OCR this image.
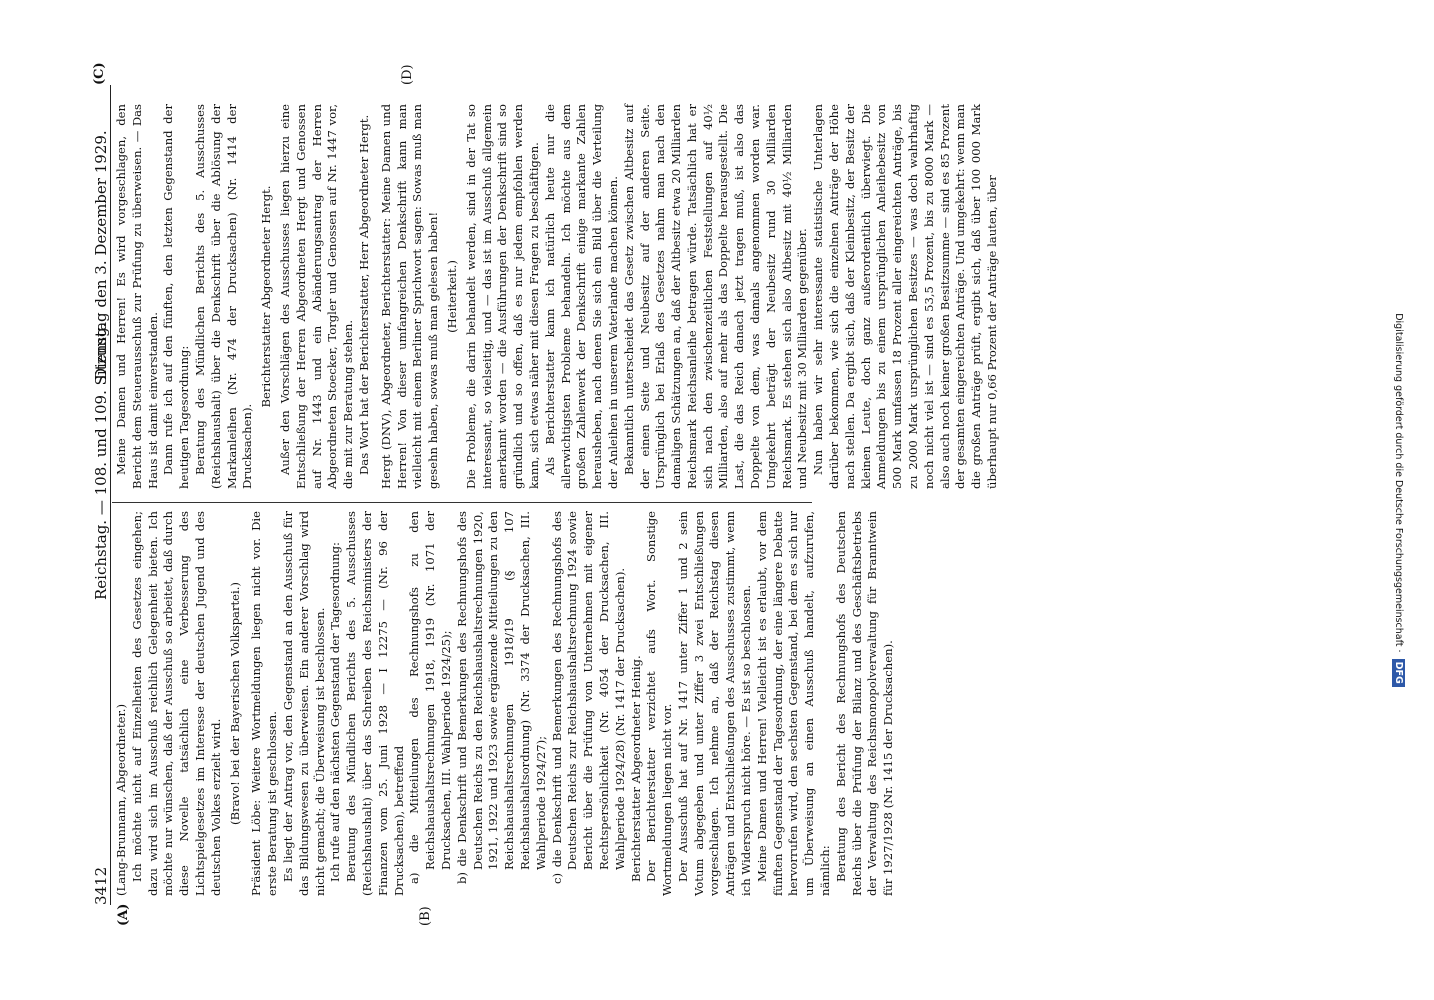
3412
Reichstag. — 108. und 109. Sitzung.
Dienstag den 3. Dezember 1929.
(A)	(B)
(C)	(D)

(Lang-Brunnann, Abgeordneter.) Ich möchte nicht auf Einzelheiten des Gesetzes eingehen; dazu wird sich im Ausschuß reichlich Gelegenheit bieten. Ich möchte nur wünschen, daß der Ausschuß so arbeitet, daß durch diese Novelle tatsächlich eine Verbesserung des Lichtspielgesetzes im Interesse der deutschen Jugend und des deutschen Volkes erzielt wird. (Bravo! bei der Bayerischen Volkspartei.) Präsident Löbe: Weitere Wortmeldungen liegen nicht vor. Die erste Beratung ist geschlossen. Es liegt der Antrag vor, den Gegenstand an den Ausschuß für das Bildungswesen zu überweisen. Ein anderer Vorschlag wird nicht gemacht; die Überweisung ist beschlossen. Ich rufe auf den nächsten Gegenstand der Tagesordnung: Beratung des Mündlichen Berichts des 5. Ausschusses (Reichshaushalt) über das Schreiben des Reichsministers der Finanzen vom 25. Juni 1928 — I 12275 — (Nr. 96 der Drucksachen), betreffend a) die Mitteilungen des Rechnungshofs zu den Reichshaushaltsrechnungen 1918, 1919 (Nr. 1071 der Drucksachen, III. Wahlperiode 1924/25); b) die Denkschrift und Bemerkungen des Rechnungshofs des Deutschen Reichs zu den Reichshaushaltsrechnungen 1920, 1921, 1922 und 1923 sowie ergänzende Mitteilungen zu den Reichshaushaltsrechnungen 1918/19 (§ 107 Reichshaushaltsordnung) (Nr. 3374 der Drucksachen, III. Wahlperiode 1924/27); c) die Denkschrift und Bemerkungen des Rechnungshofs des Deutschen Reichs zur Reichshaushaltsrechnung 1924 sowie Bericht über die Prüfung von Unternehmen mit eigener Rechtspersönlichkeit (Nr. 4054 der Drucksachen, III. Wahlperiode 1924/28) (Nr. 1417 der Drucksachen). Berichterstatter Abgeordneter Heinig. Der Berichterstatter verzichtet aufs Wort. Sonstige Wortmeldungen liegen nicht vor. Der Ausschuß hat auf Nr. 1417 unter Ziffer 1 und 2 sein Votum abgegeben und unter Ziffer 3 zwei Entschließungen vorgeschlagen. Ich nehme an, daß der Reichstag diesen Anträgen und Entschließungen des Ausschusses zustimmt, wenn ich Widerspruch nicht höre. — Es ist so beschlossen. Meine Damen und Herren! Vielleicht ist es erlaubt, vor dem fünften Gegenstand der Tagesordnung, der eine längere Debatte hervorrufen wird, den sechsten Gegenstand, bei dem es sich nur um Überweisung an einen Ausschuß handelt, aufzurufen, nämlich: Beratung des Bericht des Rechnungshofs des Deutschen Reichs über die Prüfung der Bilanz und des Geschäftsbetriebs der Verwaltung des Reichsmonopolverwaltung für Branntwein für 1927/1928 (Nr. 1415 der Drucksachen).

Meine Damen und Herren! Es wird vorgeschlagen, den Bericht dem Steuerausschuß zur Prüfung zu überweisen. — Das Haus ist damit einverstanden. Dann rufe ich auf den fünften, den letzten Gegenstand der heutigen Tagesordnung: Beratung des Mündlichen Berichts des 5. Ausschusses (Reichshaushalt) über die Denkschrift über die Ablösung der Markanleihen (Nr. 474 der Drucksachen) (Nr. 1414 der Drucksachen).

Berichterstatter Abgeordneter Hergt. Außer den Vorschlägen des Ausschusses liegen hierzu eine Entschließung der Herren Abgeordneten Hergt und Genossen auf Nr. 1443 und ein Abänderungsantrag der Herren Abgeordneten Stoecker, Torgler und Genossen auf Nr. 1447 vor, die mit zur Beratung stehen. Das Wort hat der Berichterstatter, Herr Abgeordneter Hergt. Hergt (DNV), Abgeordneter, Berichterstatter: Meine Damen und Herren! Von dieser umfangreichen Denkschrift kann man vielleicht mit einem Berliner Sprichwort sagen: Sowas muß man gesehn haben, sowas muß man gelesen haben! (Heiterkeit.) Die Probleme, die darin behandelt werden, sind in der Tat so interessant, so vielseitig, und — das ist im Ausschuß allgemein anerkannt worden — die Ausführungen der Denkschrift sind so gründlich und so offen, daß es nur jedem empfohlen werden kann, sich etwas näher mit diesen Fragen zu beschäftigen. Als Berichterstatter kann ich natürlich heute nur die allerwichtigsten Probleme behandeln. Ich möchte aus dem großen Zahlenwerk der Denkschrift einige markante Zahlen herausheben, nach denen Sie sich ein Bild über die Verteilung der Anleihen in unserem Vaterlande machen können. Bekanntlich unterscheidet das Gesetz zwischen Altbesitz auf der einen Seite und Neubesitz auf der anderen Seite. Ursprünglich bei Erlaß des Gesetzes nahm man nach den damaligen Schätzungen an, daß der Altbesitz etwa 20 Milliarden Reichsmark Reichsanleihe betragen würde. Tatsächlich hat er sich nach den zwischenzeitlichen Feststellungen auf 40½ Milliarden, also auf mehr als das Doppelte herausgestellt. Die Last, die das Reich danach jetzt tragen muß, ist also das Doppelte von dem, was damals angenommen worden war. Umgekehrt beträgt der Neubesitz rund 30 Milliarden Reichsmark. Es stehen sich also Altbesitz mit 40½ Milliarden und Neubesitz mit 30 Milliarden gegenüber. Nun haben wir sehr interessante statistische Unterlagen darüber bekommen, wie sich die einzelnen Anträge der Höhe nach stellen. Da ergibt sich, daß der Kleinbesitz, der Besitz der kleinen Leute, doch ganz außerordentlich überwiegt. Die Anmeldungen bis zu einem ursprünglichen Anleihebesitz von 500 Mark umfassen 18 Prozent aller eingereichten Anträge, bis zu 2000 Mark ursprünglichen Besitzes — was doch wahrhaftig noch nicht viel ist — sind es 53,5 Prozent, bis zu 8000 Mark — also auch noch keiner großen Besitzsumme — sind es 85 Prozent der gesamten eingereichten Anträge. Und umgekehrt: wenn man die großen Anträge prüft, ergibt sich, daß über 100 000 Mark überhaupt nur 0,66 Prozent der Anträge lauten, über	Digitalisierung gefördert durch die Deutsche Forschungsgemeinschaft · DFG
